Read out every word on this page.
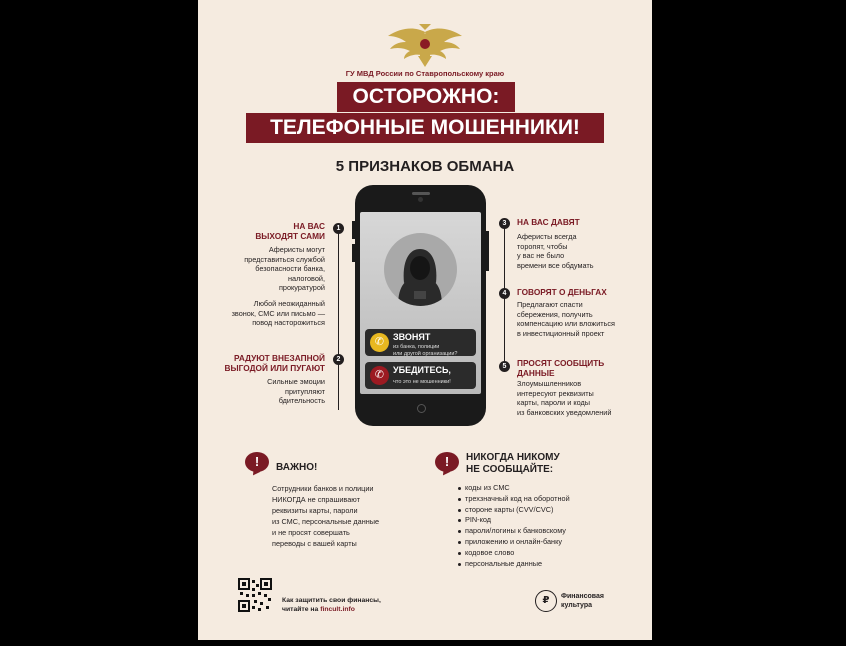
ГУ МВД России по Ставропольскому краю
ОСТОРОЖНО:
ТЕЛЕФОННЫЕ МОШЕННИКИ!
5 ПРИЗНАКОВ ОБМАНА
✆ ЗВОНЯТ
из банка, полиции
или другой организации?
✆ УБЕДИТЕСЬ,
что это не мошенники!
1
2
НА ВАС
ВЫХОДЯТ САМИ
Аферисты могут
представиться службой
безопасности банка,
налоговой,
прокуратурой
Любой неожиданный
звонок, СМС или письмо —
повод насторожиться
РАДУЮТ ВНЕЗАПНОЙ
ВЫГОДОЙ ИЛИ ПУГАЮТ
Сильные эмоции
притупляют
бдительность
3
4
5
НА ВАС ДАВЯТ
Аферисты всегда
торопят, чтобы
у вас не было
времени все обдумать
ГОВОРЯТ О ДЕНЬГАХ
Предлагают спасти
сбережения, получить
компенсацию или вложиться
в инвестиционный проект
ПРОСЯТ СООБЩИТЬ
ДАННЫЕ
Злоумышленников
интересуют реквизиты
карты, пароли и коды
из банковских уведомлений
!	ВАЖНО!
Сотрудники банков и полиции
НИКОГДА не спрашивают
реквизиты карты, пароли
из СМС, персональные данные
и не просят совершать
переводы с вашей карты
!	НИКОГДА НИКОМУ
НЕ СООБЩАЙТЕ:
коды из СМС
трехзначный код на оборотной
стороне карты (CVV/CVC)
PIN-код
пароли/логины к банковскому
приложению и онлайн-банку
кодовое слово
персональные данные
Как защитить свои финансы,
читайте на fincult.info
₽	Финансовая
культура
